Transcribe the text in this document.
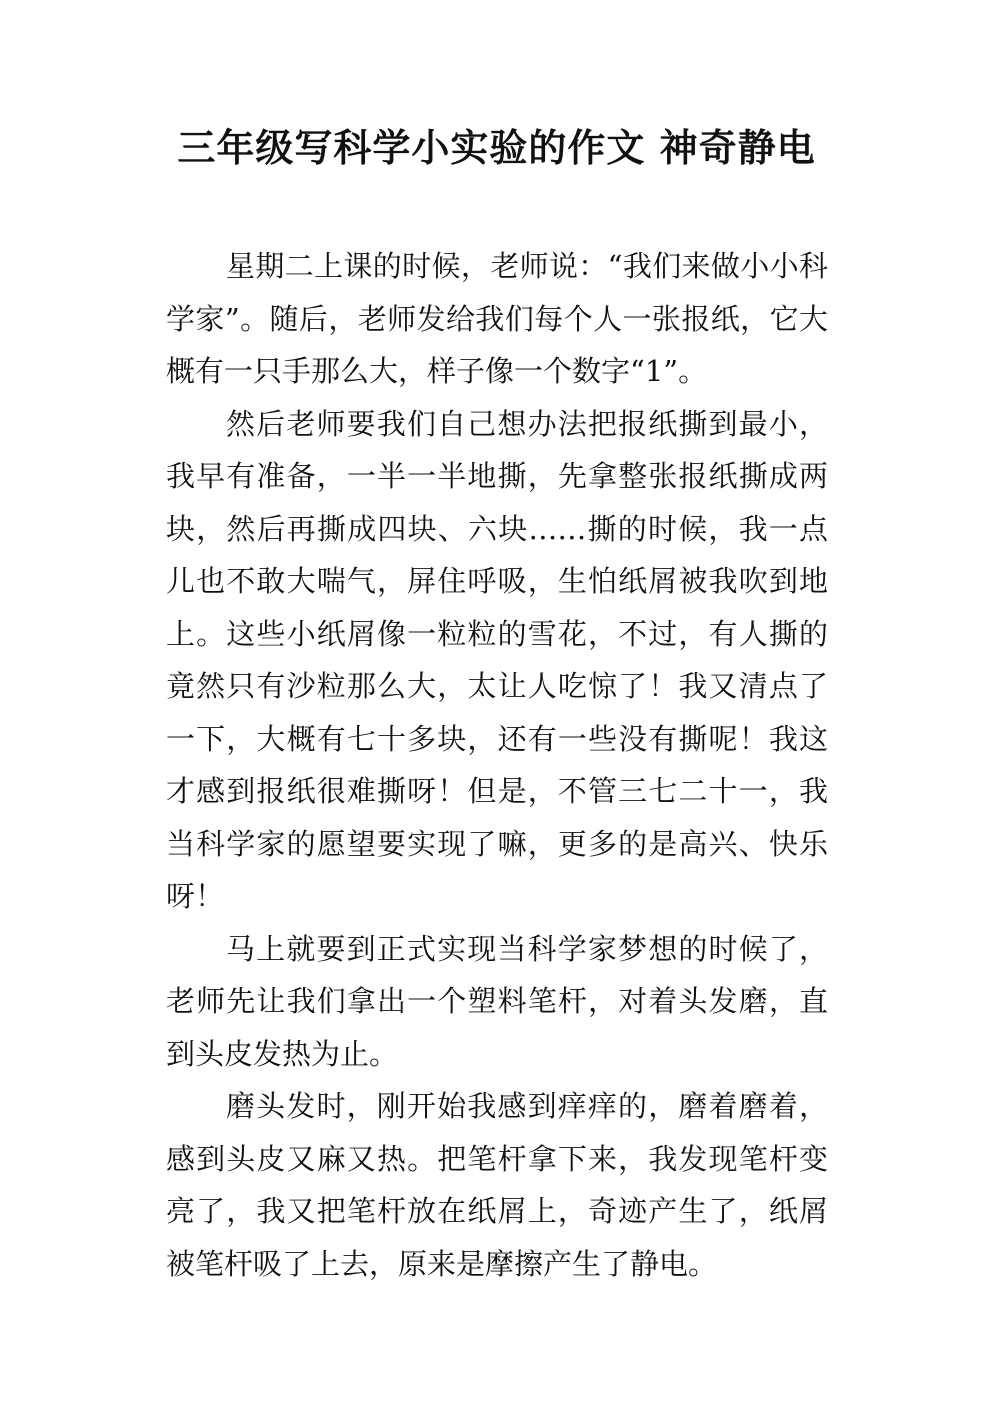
三年级写科学小实验的作文 神奇静电

星期二上课的时候，老师说：“我们来做小小科学家”。随后，老师发给我们每个人一张报纸，它大概有一只手那么大，样子像一个数字“1”。

然后老师要我们自己想办法把报纸撕到最小，我早有准备，一半一半地撕，先拿整张报纸撕成两块，然后再撕成四块、六块……撕的时候，我一点儿也不敢大喘气，屏住呼吸，生怕纸屑被我吹到地上。这些小纸屑像一粒粒的雪花，不过，有人撕的竟然只有沙粒那么大，太让人吃惊了！我又清点了一下，大概有七十多块，还有一些没有撕呢！我这才感到报纸很难撕呀！但是，不管三七二十一，我当科学家的愿望要实现了嘛，更多的是高兴、快乐呀！

马上就要到正式实现当科学家梦想的时候了，老师先让我们拿出一个塑料笔杆，对着头发磨，直到头皮发热为止。

磨头发时，刚开始我感到痒痒的，磨着磨着，感到头皮又麻又热。把笔杆拿下来，我发现笔杆变亮了，我又把笔杆放在纸屑上，奇迹产生了，纸屑被笔杆吸了上去，原来是摩擦产生了静电。
